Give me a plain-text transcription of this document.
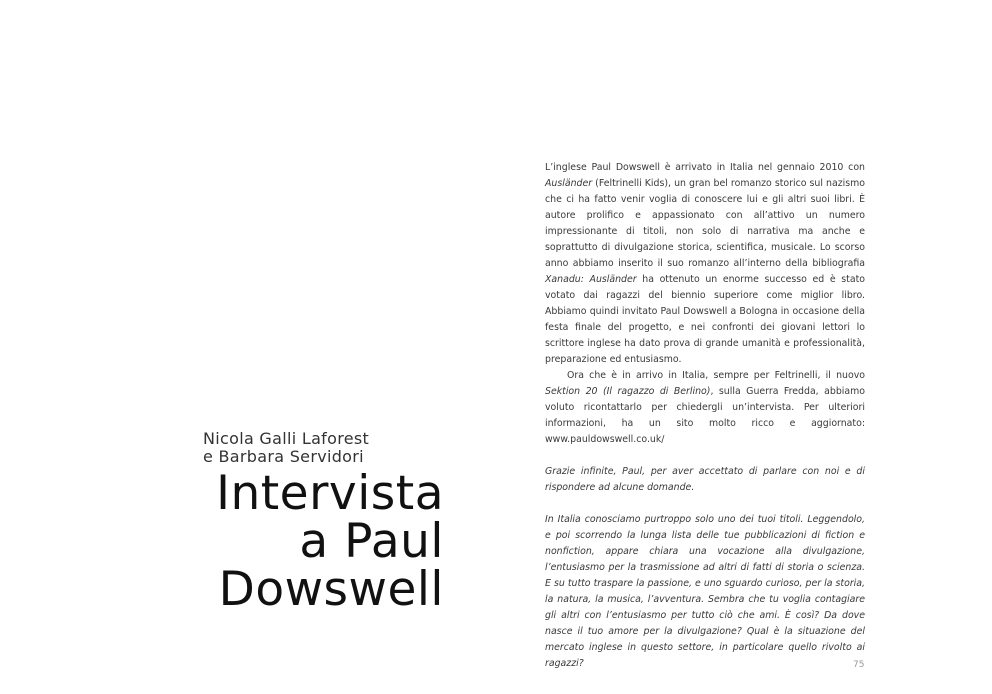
Nicola Galli Laforest
e Barbara Servidori
Intervista
a Paul
Dowswell

L’inglese Paul Dowswell è arrivato in Italia nel gennaio 2010 con Ausländer (Feltrinelli Kids), un gran bel romanzo storico sul nazismo che ci ha fatto venir voglia di conoscere lui e gli altri suoi libri. È autore prolifico e appassionato con all’attivo un numero impressionante di titoli, non solo di narrativa ma anche e soprattutto di divulgazione storica, scientifica, musicale. Lo scorso anno abbiamo inserito il suo romanzo all’interno della bibliografia Xanadu: Ausländer ha ottenuto un enorme successo ed è stato votato dai ragazzi del biennio superiore come miglior libro. Abbiamo quindi invitato Paul Dowswell a Bologna in occasione della festa finale del progetto, e nei confronti dei giovani lettori lo scrittore inglese ha dato prova di grande umanità e professionalità, preparazione ed entusiasmo.

Ora che è in arrivo in Italia, sempre per Feltrinelli, il nuovo Sektion 20 (Il ragazzo di Berlino), sulla Guerra Fredda, abbiamo voluto ricontattarlo per chiedergli un’intervista. Per ulteriori informazioni, ha un sito molto ricco e aggiornato: www.pauldowswell.co.uk/

Grazie infinite, Paul, per aver accettato di parlare con noi e di rispondere ad alcune domande.

In Italia conosciamo purtroppo solo uno dei tuoi titoli. Leggendolo, e poi scorrendo la lunga lista delle tue pubblicazioni di fiction e nonfiction, appare chiara una vocazione alla divulgazione, l’entusiasmo per la trasmissione ad altri di fatti di storia o scienza. E su tutto traspare la passione, e uno sguardo curioso, per la storia, la natura, la musica, l’avventura. Sembra che tu voglia contagiare gli altri con l’entusiasmo per tutto ciò che ami. È così? Da dove nasce il tuo amore per la divulgazione? Qual è la situazione del mercato inglese in questo settore, in particolare quello rivolto ai ragazzi?	75
